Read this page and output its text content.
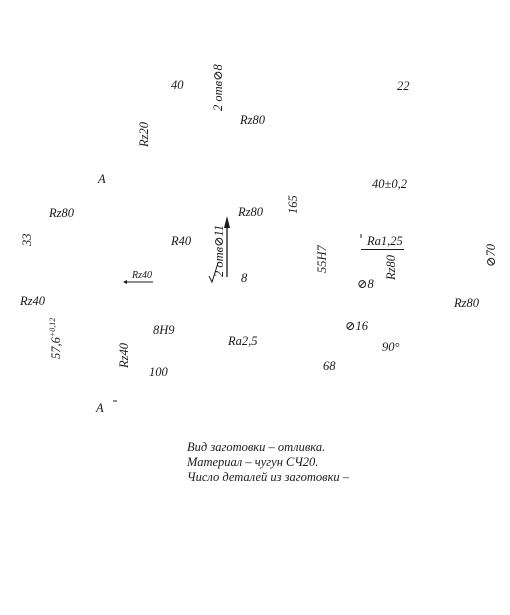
40	22
Rz80
А	40±0,2
Rz80	Rz80
R40	Ra1,25
Rz40	8	⊘8
Rz40	Rz80
⊘16
8H9
Ra2,5	90°
68
100
А
2 отв⊘8
Rz20
165
33	2 отв⊘11	55H7	⊘70
Rz80
Rz40
$57,6^{+0,12}$
Вид заготовки – отливка.
Материал – чугун СЧ20.
Число деталей из заготовки –
